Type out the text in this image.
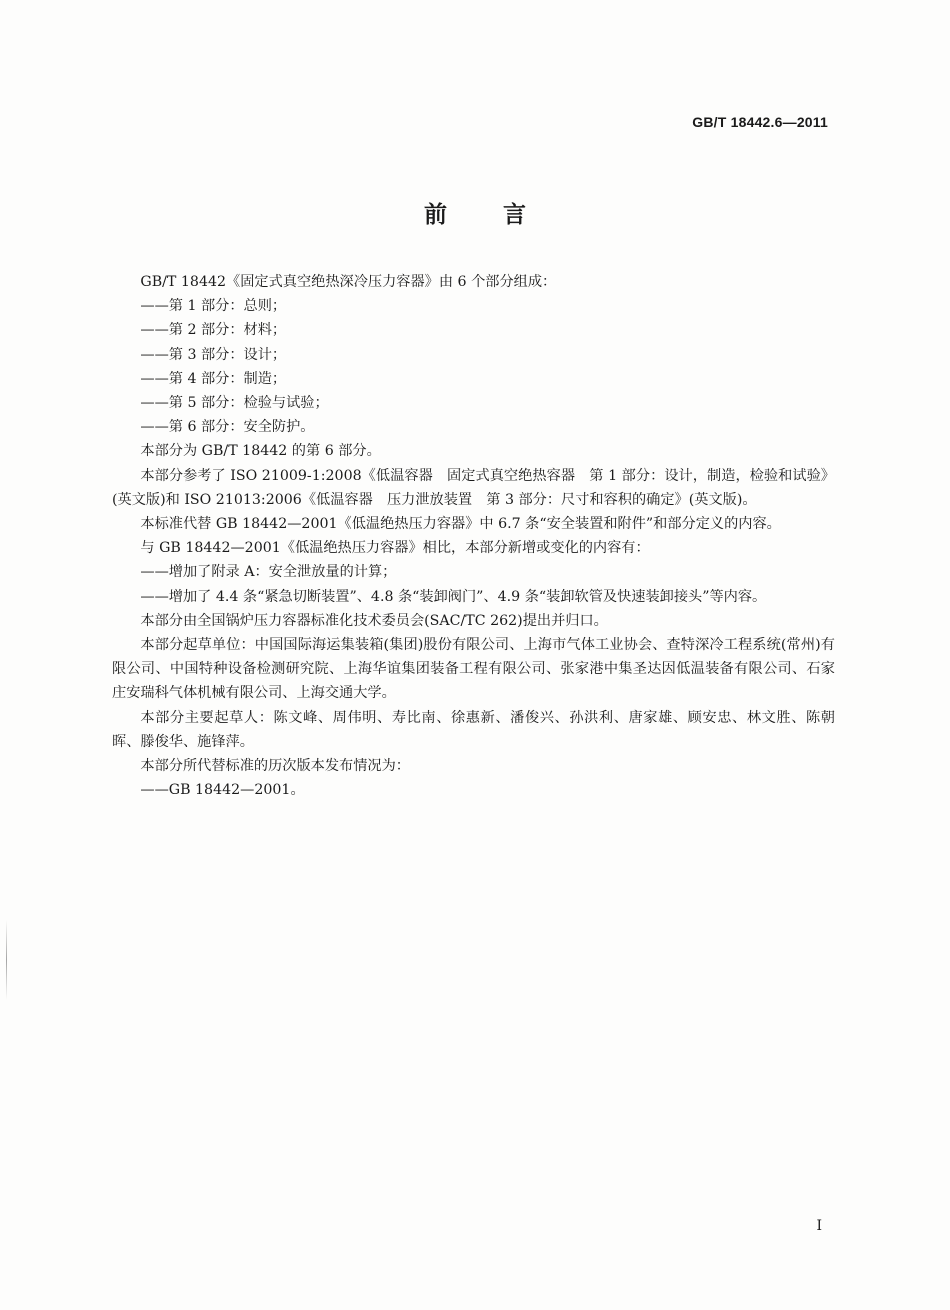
GB/T 18442.6—2011
前 言

GB/T 18442《固定式真空绝热深冷压力容器》由 6 个部分组成：

——第 1 部分：总则；

——第 2 部分：材料；

——第 3 部分：设计；

——第 4 部分：制造；

——第 5 部分：检验与试验；

——第 6 部分：安全防护。

本部分为 GB/T 18442 的第 6 部分。

本部分参考了 ISO 21009-1:2008《低温容器　固定式真空绝热容器　第 1 部分：设计，制造，检验和试验》(英文版)和 ISO 21013:2006《低温容器　压力泄放装置　第 3 部分：尺寸和容积的确定》(英文版)。

本标准代替 GB 18442—2001《低温绝热压力容器》中 6.7 条“安全装置和附件”和部分定义的内容。

与 GB 18442—2001《低温绝热压力容器》相比，本部分新增或变化的内容有：

——增加了附录 A：安全泄放量的计算；

——增加了 4.4 条“紧急切断装置”、4.8 条“装卸阀门”、4.9 条“装卸软管及快速装卸接头”等内容。

本部分由全国锅炉压力容器标准化技术委员会(SAC/TC 262)提出并归口。

本部分起草单位：中国国际海运集装箱(集团)股份有限公司、上海市气体工业协会、查特深冷工程系统(常州)有限公司、中国特种设备检测研究院、上海华谊集团装备工程有限公司、张家港中集圣达因低温装备有限公司、石家庄安瑞科气体机械有限公司、上海交通大学。

本部分主要起草人：陈文峰、周伟明、寿比南、徐惠新、潘俊兴、孙洪利、唐家雄、顾安忠、林文胜、陈朝晖、滕俊华、施锋萍。

本部分所代替标准的历次版本发布情况为：

——GB 18442—2001。

I
